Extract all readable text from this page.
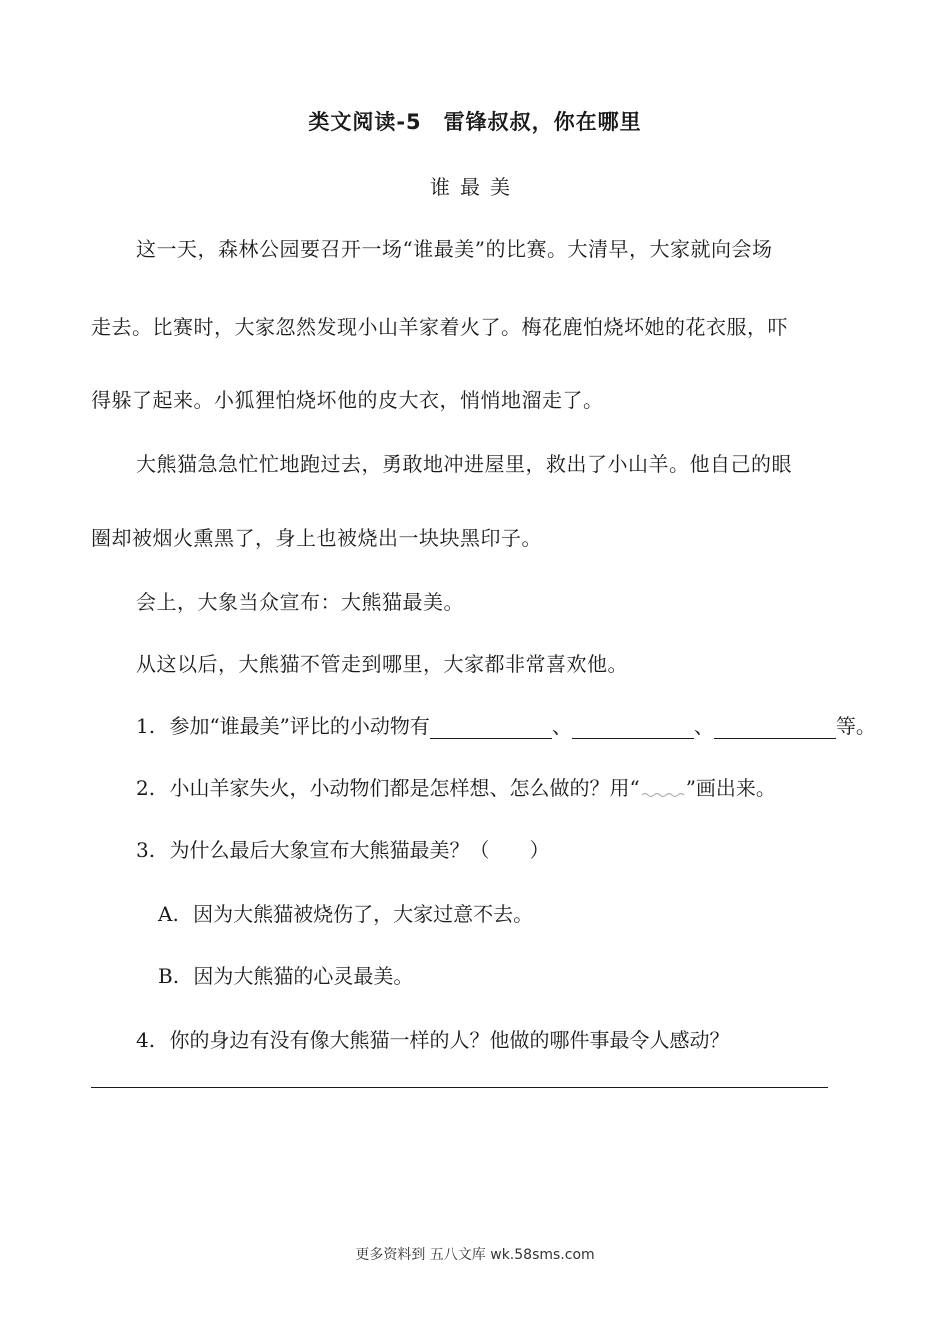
类文阅读-5　雷锋叔叔，你在哪里
谁最美
这一天，森林公园要召开一场“谁最美”的比赛。大清早，大家就向会场
走去。比赛时，大家忽然发现小山羊家着火了。梅花鹿怕烧坏她的花衣服，吓
得躲了起来。小狐狸怕烧坏他的皮大衣，悄悄地溜走了。
大熊猫急急忙忙地跑过去，勇敢地冲进屋里，救出了小山羊。他自己的眼
圈却被烟火熏黑了，身上也被烧出一块块黑印子。
会上，大象当众宣布：大熊猫最美。
从这以后，大熊猫不管走到哪里，大家都非常喜欢他。
1. 参加“谁最美”评比的小动物有	、	、	等。
2. 小山羊家失火，小动物们都是怎样想、怎么做的？用“ ”画出来。
3. 为什么最后大象宣布大熊猫最美？（　　）
A. 因为大熊猫被烧伤了，大家过意不去。
B. 因为大熊猫的心灵最美。
4. 你的身边有没有像大熊猫一样的人？他做的哪件事最令人感动？
更多资料到 五八文库 wk.58sms.com
